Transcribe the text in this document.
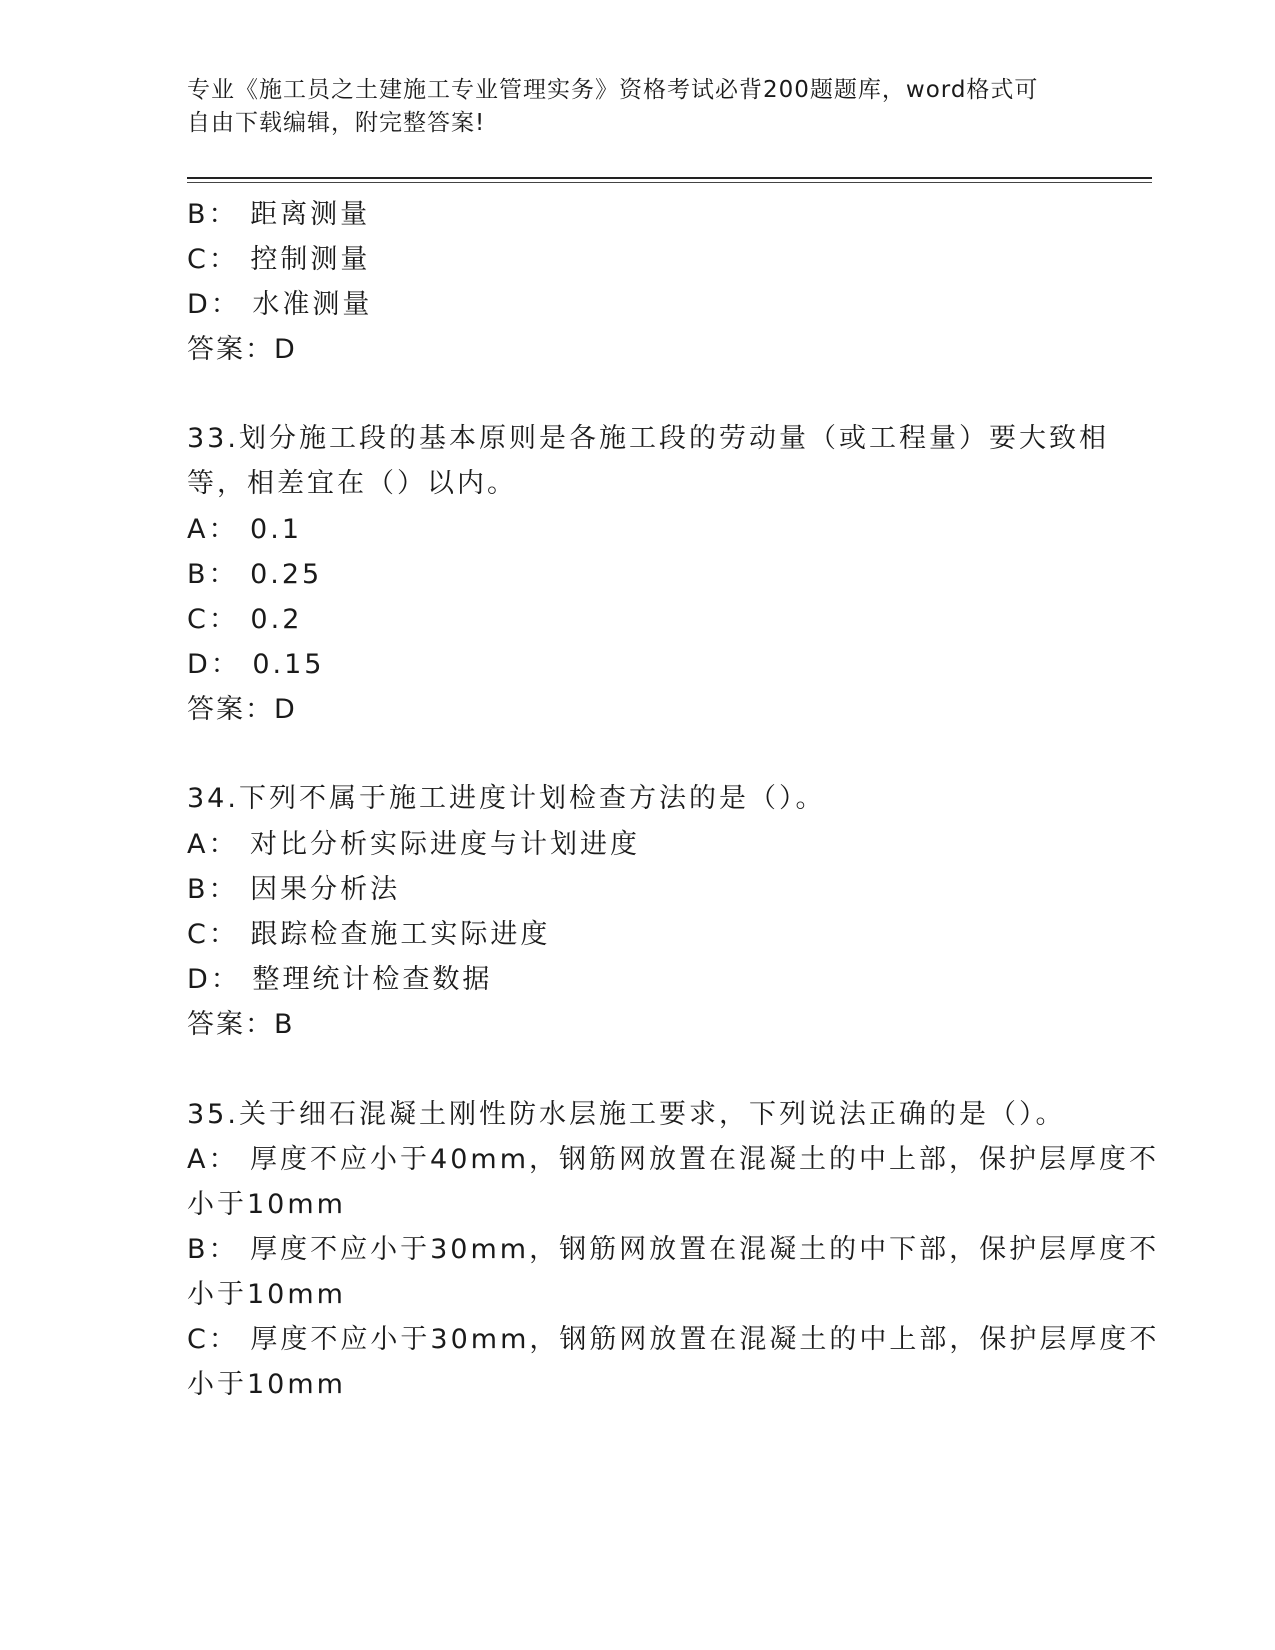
专业《施工员之土建施工专业管理实务》资格考试必背200题题库，word格式可
自由下载编辑，附完整答案!
B： 距离测量
C： 控制测量
D： 水准测量
答案：D
33.划分施工段的基本原则是各施工段的劳动量（或工程量）要大致相
等，相差宜在（）以内。
A： 0.1
B： 0.25
C： 0.2
D： 0.15
答案：D
34.下列不属于施工进度计划检查方法的是（）。
A： 对比分析实际进度与计划进度
B： 因果分析法
C： 跟踪检查施工实际进度
D： 整理统计检查数据
答案：B
35.关于细石混凝土刚性防水层施工要求，下列说法正确的是（）。
A： 厚度不应小于40mm，钢筋网放置在混凝土的中上部，保护层厚度不
小于10mm
B： 厚度不应小于30mm，钢筋网放置在混凝土的中下部，保护层厚度不
小于10mm
C： 厚度不应小于30mm，钢筋网放置在混凝土的中上部，保护层厚度不
小于10mm
